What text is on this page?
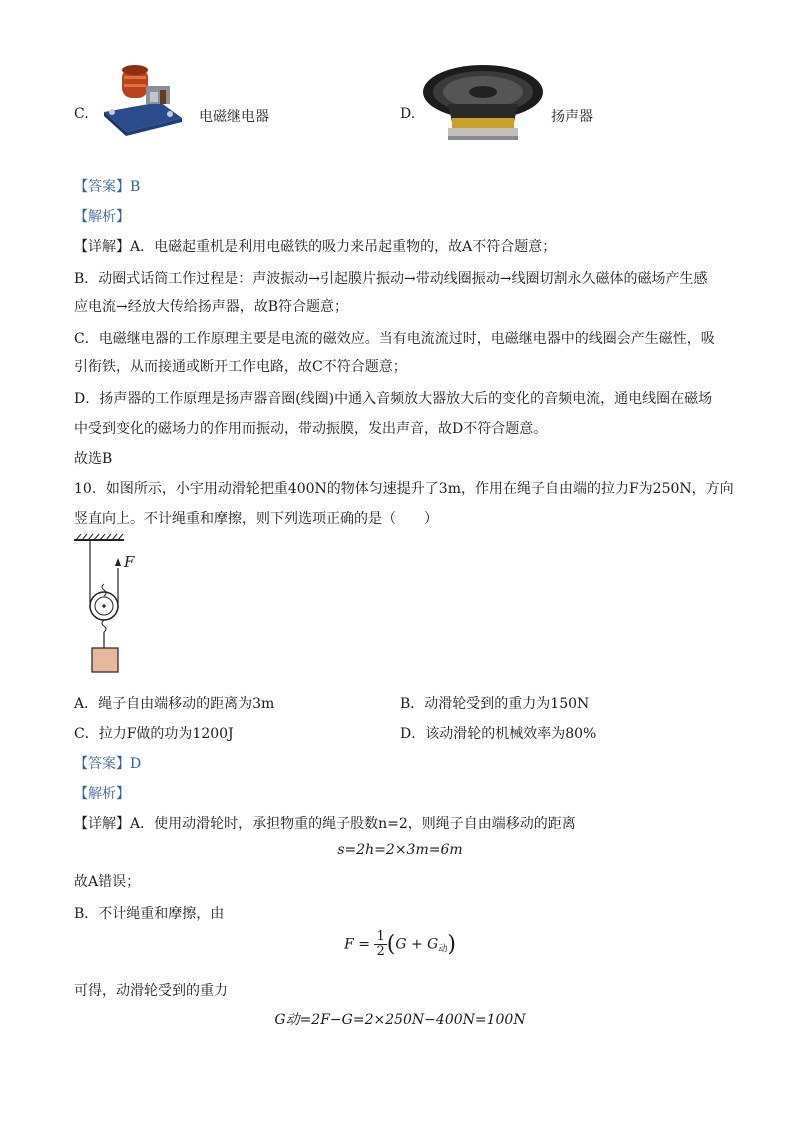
C.	电磁继电器	D.	扬声器
【答案】B
【解析】
【详解】A．电磁起重机是利用电磁铁的吸力来吊起重物的，故A不符合题意；
B．动圈式话筒工作过程是：声波振动→引起膜片振动→带动线圈振动→线圈切割永久磁体的磁场产生感
应电流→经放大传给扬声器，故B符合题意；
C．电磁继电器的工作原理主要是电流的磁效应。当有电流流过时，电磁继电器中的线圈会产生磁性，吸
引衔铁，从而接通或断开工作电路，故C不符合题意；
D．扬声器的工作原理是扬声器音圈(线圈)中通入音频放大器放大后的变化的音频电流，通电线圈在磁场
中受到变化的磁场力的作用而振动，带动振膜，发出声音，故D不符合题意。
故选B
10．如图所示，小宇用动滑轮把重400N的物体匀速提升了3m，作用在绳子自由端的拉力F为250N，方向
竖直向上。不计绳重和摩擦，则下列选项正确的是（　　）
F
A．绳子自由端移动的距离为3m	B．动滑轮受到的重力为150N
C．拉力F做的功为1200J	D．该动滑轮的机械效率为80%
【答案】D
【解析】
【详解】A．使用动滑轮时，承担物重的绳子股数n=2，则绳子自由端移动的距离
s=2h=2×3m=6m
故A错误；
B．不计绳重和摩擦，由
$F = \frac{1}{2} (G + G_动)$
可得，动滑轮受到的重力
G动=2F−G=2×250N−400N=100N
